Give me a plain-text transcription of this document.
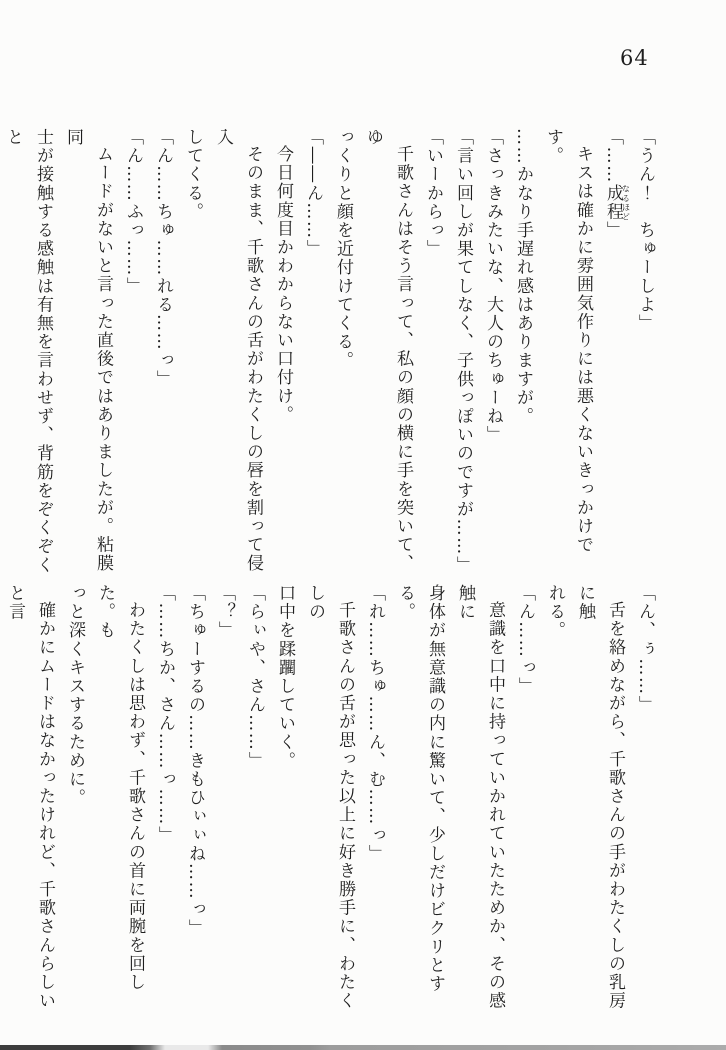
64

「うん！　ちゅーしよ」

「……成程なるほど」

キスは確かに雰囲気作りには悪くないきっかけです。

……かなり手遅れ感はありますが。

「さっきみたいな、大人のちゅーね」

「言い回しが果てしなく、子供っぽいのですが……」

「いーからっ」

千歌さんはそう言って、私の顔の横に手を突いて、ゆ

っくりと顔を近付けてくる。

「――ん……」

今日何度目かわからない口付け。

そのまま、千歌さんの舌がわたくしの唇を割って侵入

してくる。

「ん……ちゅ……れる……っ」

「ん……ふっ……」

ムードがないと言った直後ではありましたが。粘膜同

士が接触する感触は有無を言わせず、背筋をぞくぞくと

「ん、ぅ……」

舌を絡めながら、千歌さんの手がわたくしの乳房に触

れる。

「ん……っ」

意識を口中に持っていかれていたためか、その感触に

身体が無意識の内に驚いて、少しだけビクリとする。

「れ……ちゅ……ん、む……っ」

千歌さんの舌が思った以上に好き勝手に、わたくしの

口中を蹂躙していく。

「らぃや、さん……」

「？」

「ちゅーするの……きもひぃぃね……っ」

「……ちか、さん……っ……」

わたくしは思わず、千歌さんの首に両腕を回した。も

っと深くキスするために。

確かにムードはなかったけれど、千歌さんらしいと言
